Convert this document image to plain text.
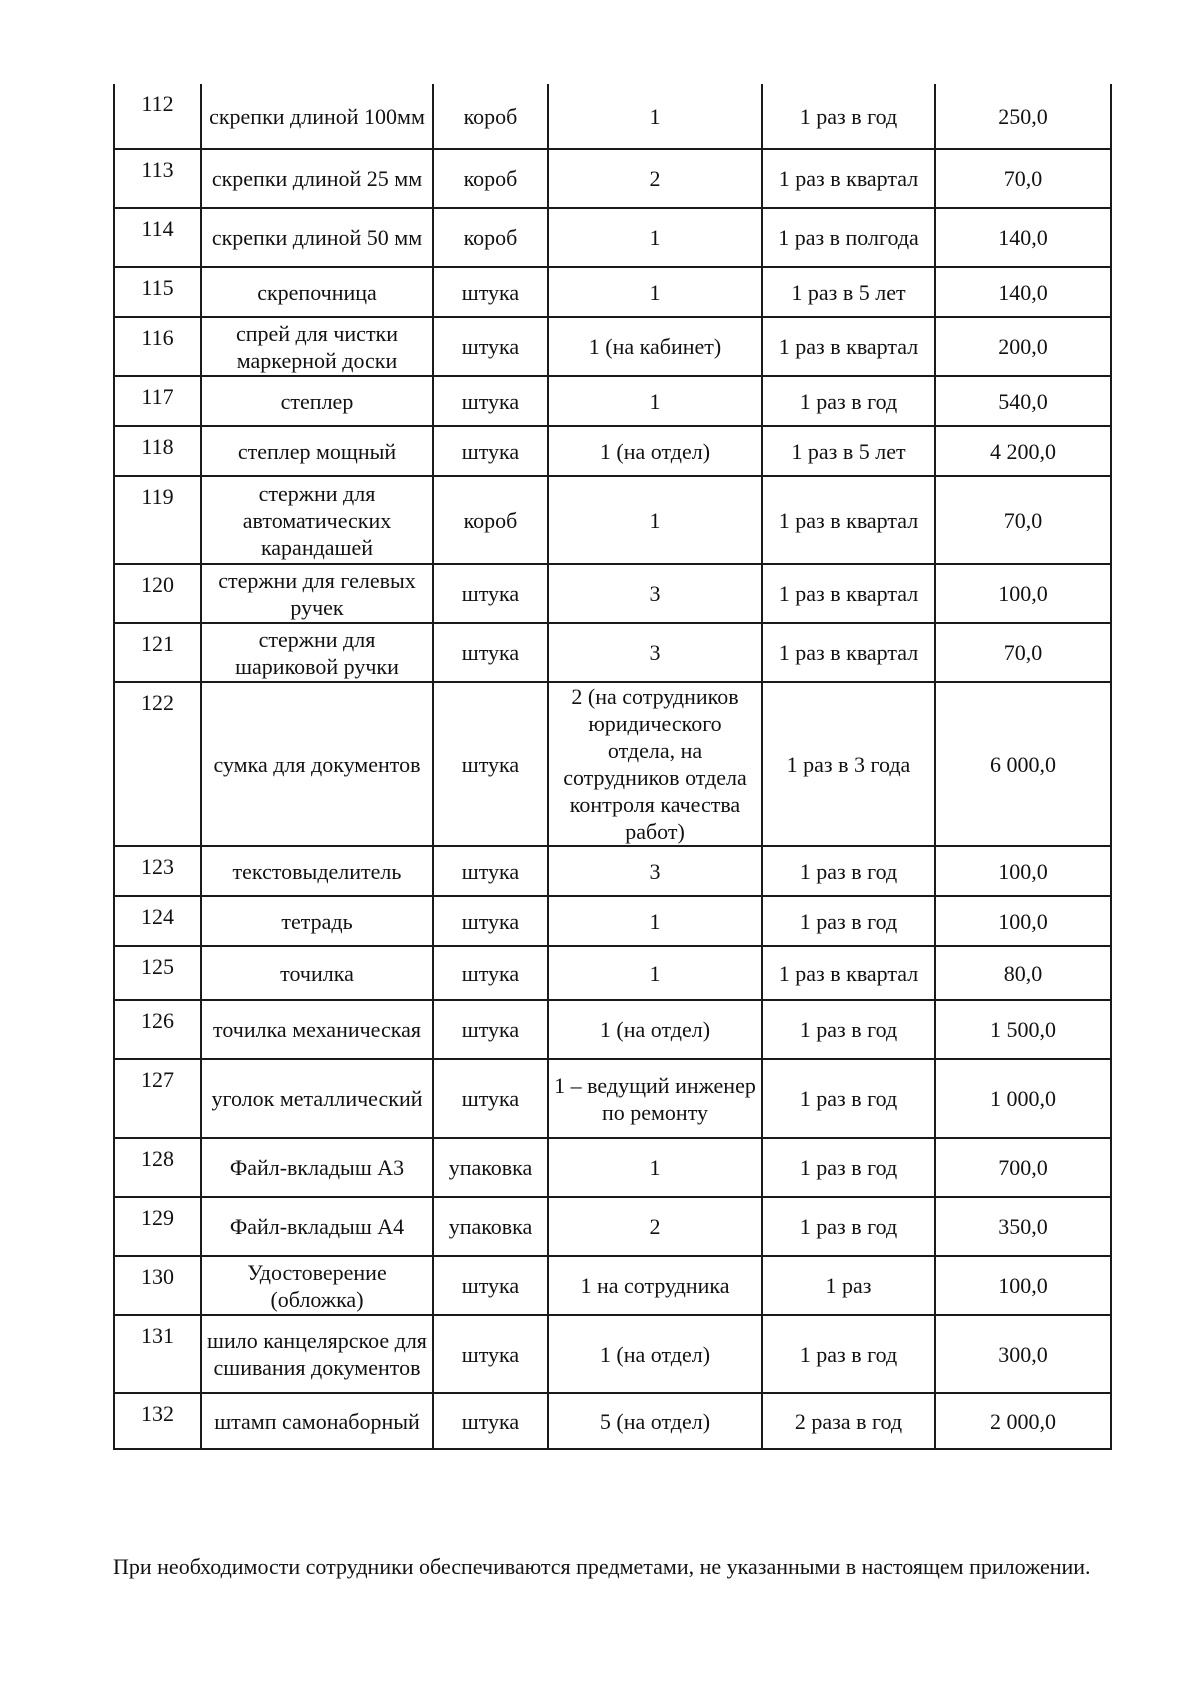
112	скрепки длиной 100мм	короб	1	1 раз в год	250,0
113	скрепки длиной 25 мм	короб	2	1 раз в квартал	70,0
114	скрепки длиной 50 мм	короб	1	1 раз в полгода	140,0
115	скрепочница	штука	1	1 раз в 5 лет	140,0
116	спрей для чистки маркерной доски	штука	1 (на кабинет)	1 раз в квартал	200,0
117	степлер	штука	1	1 раз в год	540,0
118	степлер мощный	штука	1 (на отдел)	1 раз в 5 лет	4 200,0
119	стержни для автоматических карандашей	короб	1	1 раз в квартал	70,0
120	стержни для гелевых ручек	штука	3	1 раз в квартал	100,0
121	стержни для шариковой ручки	штука	3	1 раз в квартал	70,0
122	сумка для документов	штука	2 (на сотрудников юридического отдела, на сотрудников отдела контроля качества работ)	1 раз в 3 года	6 000,0
123	текстовыделитель	штука	3	1 раз в год	100,0
124	тетрадь	штука	1	1 раз в год	100,0
125	точилка	штука	1	1 раз в квартал	80,0
126	точилка механическая	штука	1 (на отдел)	1 раз в год	1 500,0
127	уголок металлический	штука	1 – ведущий инженер по ремонту	1 раз в год	1 000,0
128	Файл-вкладыш А3	упаковка	1	1 раз в год	700,0
129	Файл-вкладыш А4	упаковка	2	1 раз в год	350,0
130	Удостоверение (обложка)	штука	1 на сотрудника	1 раз	100,0
131	шило канцелярское для сшивания документов	штука	1 (на отдел)	1 раз в год	300,0
132	штамп самонаборный	штука	5 (на отдел)	2 раза в год	2 000,0

При необходимости сотрудники обеспечиваются предметами, не указанными в настоящем приложении.
